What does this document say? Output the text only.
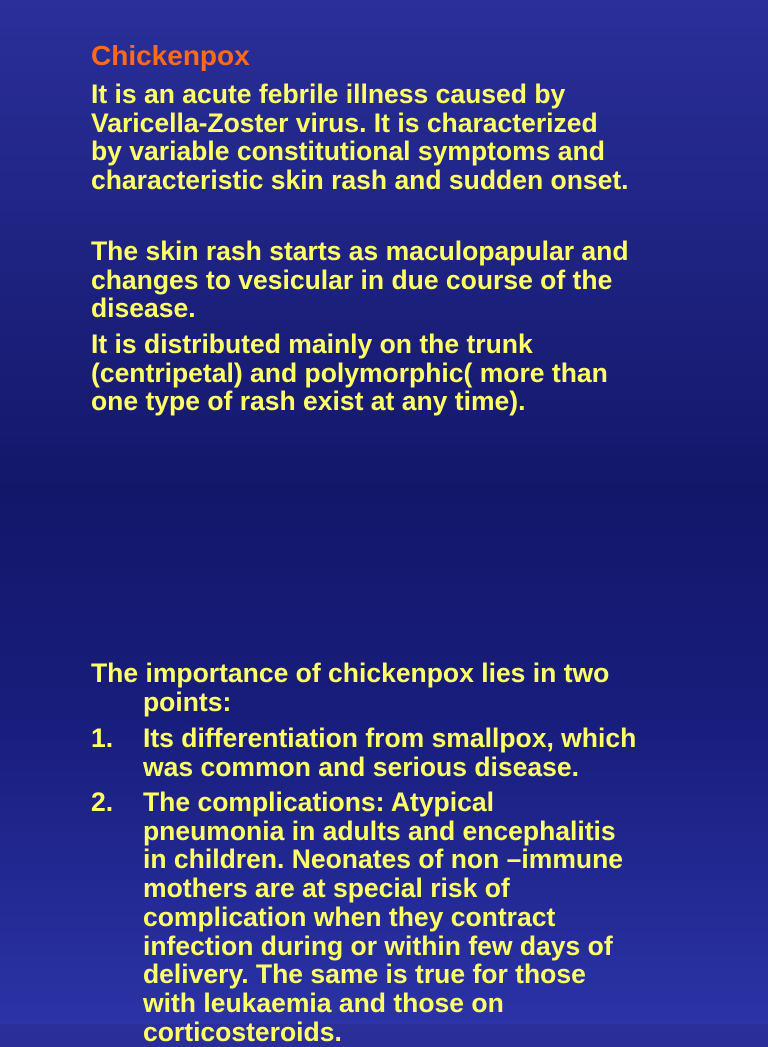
Chickenpox
It is an acute febrile illness caused by
Varicella-Zoster virus. It is characterized
by variable constitutional symptoms and
characteristic skin rash and sudden onset.
The skin rash starts as maculopapular and
changes to vesicular in due course of the
disease.
It is distributed mainly on the trunk
(centripetal) and polymorphic( more than
one type of rash exist at any time).
The importance of chickenpox lies in two
points:
1. Its differentiation from smallpox, which
was common and serious disease.
2. The complications: Atypical
pneumonia in adults and encephalitis
in children. Neonates of non –immune
mothers are at special risk of
complication when they contract
infection during or within few days of
delivery. The same is true for those
with leukaemia and those on
corticosteroids.
